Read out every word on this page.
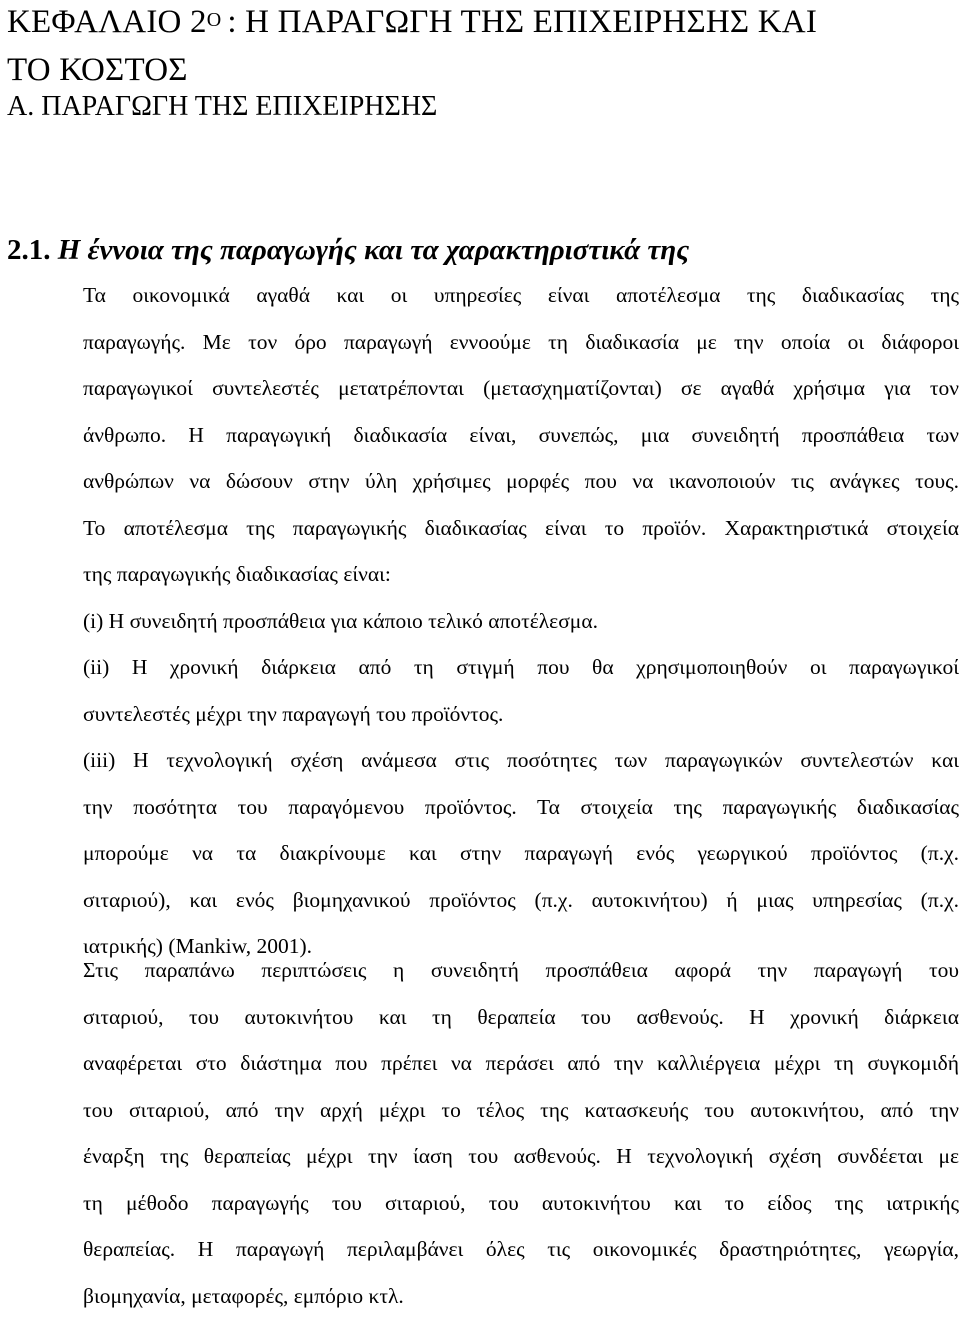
ΚΕΦΑΛΑΙΟ $2^O$ : Η ΠΑΡΑΓΩΓΗ ΤΗΣ ΕΠΙΧΕΙΡΗΣΗΣ ΚΑΙ
ΤΟ ΚΟΣΤΟΣ
Α. ΠΑΡΑΓΩΓΗ ΤΗΣ ΕΠΙΧΕΙΡΗΣΗΣ
2.1. Η έννοια της παραγωγής και τα χαρακτηριστικά της
Τα οικονομικά αγαθά και οι υπηρεσίες είναι αποτέλεσμα της διαδικασίας της
παραγωγής. Με τον όρο παραγωγή εννοούμε τη διαδικασία με την οποία οι διάφοροι
παραγωγικοί συντελεστές μετατρέπονται (μετασχηματίζονται) σε αγαθά χρήσιμα για τον
άνθρωπο. Η παραγωγική διαδικασία είναι, συνεπώς, μια συνειδητή προσπάθεια των
ανθρώπων να δώσουν στην ύλη χρήσιμες μορφές που να ικανοποιούν τις ανάγκες τους.
Το αποτέλεσμα της παραγωγικής διαδικασίας είναι το προϊόν. Χαρακτηριστικά στοιχεία
της παραγωγικής διαδικασίας είναι:
(i) Η συνειδητή προσπάθεια για κάποιο τελικό αποτέλεσμα.
(ii) Η χρονική διάρκεια από τη στιγμή που θα χρησιμοποιηθούν οι παραγωγικοί
συντελεστές μέχρι την παραγωγή του προϊόντος.
(iii) Η τεχνολογική σχέση ανάμεσα στις ποσότητες των παραγωγικών συντελεστών και
την ποσότητα του παραγόμενου προϊόντος. Τα στοιχεία της παραγωγικής διαδικασίας
μπορούμε να τα διακρίνουμε και στην παραγωγή ενός γεωργικού προϊόντος (π.χ.
σιταριού), και ενός βιομηχανικού προϊόντος (π.χ. αυτοκινήτου) ή μιας υπηρεσίας (π.χ.
ιατρικής) (Mankiw, 2001).
Στις παραπάνω περιπτώσεις η συνειδητή προσπάθεια αφορά την παραγωγή του
σιταριού, του αυτοκινήτου και τη θεραπεία του ασθενούς. Η χρονική διάρκεια
αναφέρεται στο διάστημα που πρέπει να περάσει από την καλλιέργεια μέχρι τη συγκομιδή
του σιταριού, από την αρχή μέχρι το τέλος της κατασκευής του αυτοκινήτου, από την
έναρξη της θεραπείας μέχρι την ίαση του ασθενούς. Η τεχνολογική σχέση συνδέεται με
τη μέθοδο παραγωγής του σιταριού, του αυτοκινήτου και το είδος της ιατρικής
θεραπείας. Η παραγωγή περιλαμβάνει όλες τις οικονομικές δραστηριότητες, γεωργία,
βιομηχανία, μεταφορές, εμπόριο κτλ.
